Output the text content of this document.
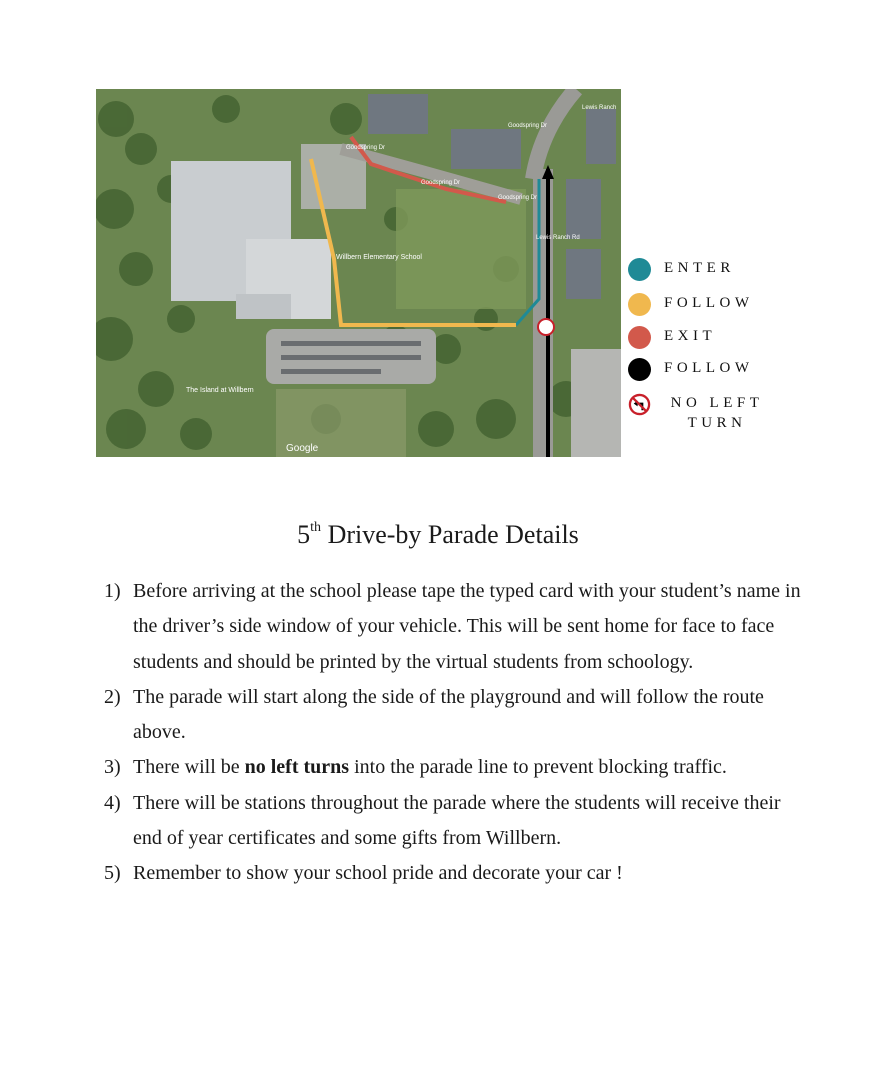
Willbern Elementary School
Goodspring Dr
Goodspring Dr
Goodspring Dr
Goodspring Dr
Lewis Ranch
Lewis Ranch Rd
The Island at Willbern
Google
ENTER
FOLLOW
EXIT
FOLLOW
NO LEFT
TURN
5th Drive-by Parade Details
1) Before arriving at the school please tape the typed card with your student’s name in the driver’s side window of your vehicle. This will be sent home for face to face students and should be printed by the virtual students from schoology.
2) The parade will start along the side of the playground and will follow the route above.
3) There will be no left turns into the parade line to prevent blocking traffic.
4) There will be stations throughout the parade where the students will receive their end of year certificates and some gifts from Willbern.
5) Remember to show your school pride and decorate your car !
